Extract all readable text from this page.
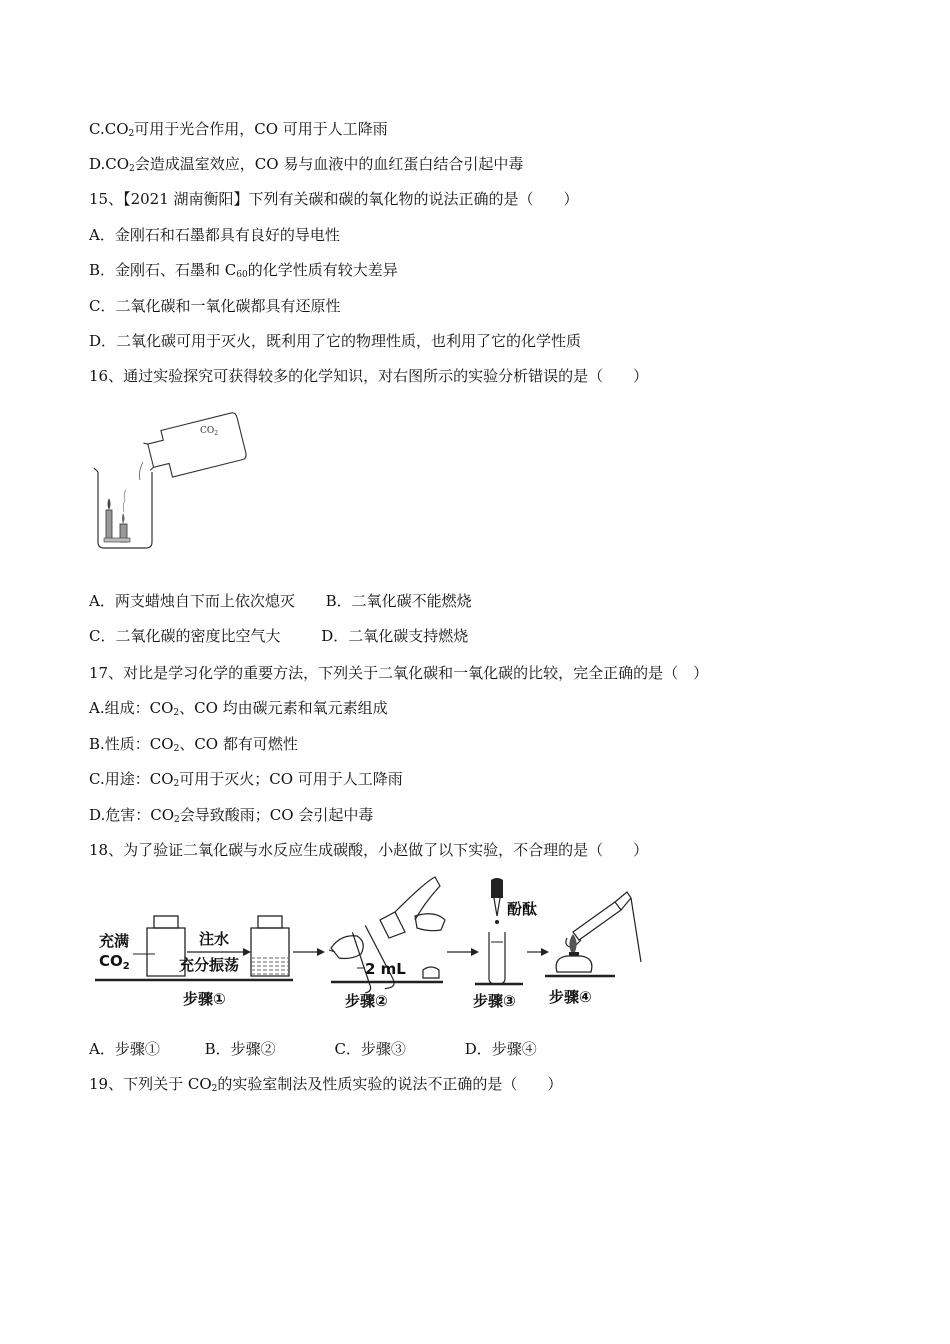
$C.CO_2$可用于光合作用，CO 可用于人工降雨
$D.CO_2$会造成温室效应，CO 易与血液中的血红蛋白结合引起中毒
15、【2021 湖南衡阳】下列有关碳和碳的氧化物的说法正确的是（　　）
A．金刚石和石墨都具有良好的导电性
B．金刚石、石墨和 $C_{60}$的化学性质有较大差异
C．二氧化碳和一氧化碳都具有还原性
D．二氧化碳可用于灭火，既利用了它的物理性质，也利用了它的化学性质
16、通过实验探究可获得较多的化学知识，对右图所示的实验分析错误的是（　　）
$CO_2$
A．两支蜡烛自下而上依次熄灭 B．二氧化碳不能燃烧
C．二氧化碳的密度比空气大	D．二氧化碳支持燃烧
17、对比是学习化学的重要方法，下列关于二氧化碳和一氧化碳的比较，完全正确的是（　）
A.组成：$CO_2$、CO 均由碳元素和氧元素组成
B.性质：$CO_2$、CO 都有可燃性
C.用途：$CO_2$可用于灭火；CO 可用于人工降雨
D.危害：$CO_2$会导致酸雨；CO 会引起中毒
18、为了验证二氧化碳与水反应生成碳酸，小赵做了以下实验，不合理的是（　　）
充满
$CO_2$
注水
充分振荡
步骤①
2 mL
步骤②
酚酞
步骤③ 步骤④
A．步骤①	B．步骤②	C．步骤③	D．步骤④
19、下列关于 $CO_2$的实验室制法及性质实验的说法不正确的是（　　）
